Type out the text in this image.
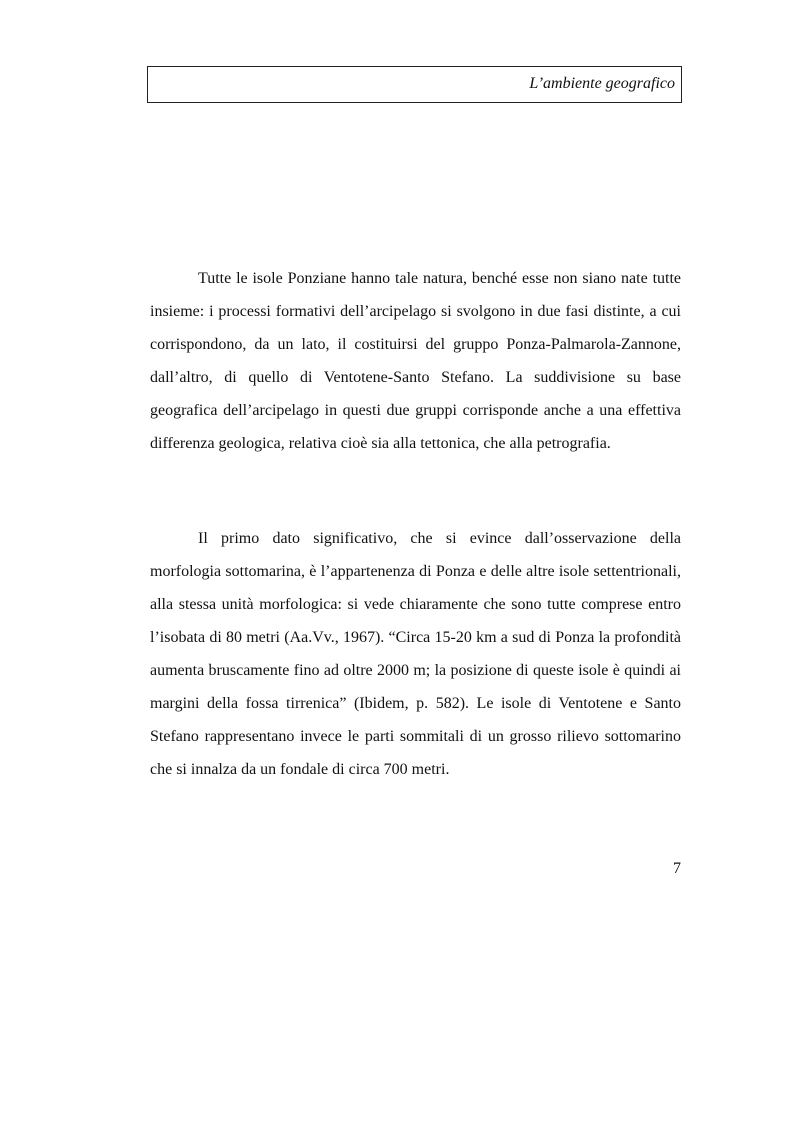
L’ambiente geografico

Tutte le isole Ponziane hanno tale natura, benché esse non siano nate tutte insieme: i processi formativi dell’arcipelago si svolgono in due fasi distinte, a cui corrispondono, da un lato, il costituirsi del gruppo Ponza-Palmarola-Zannone, dall’altro, di quello di Ventotene-Santo Stefano. La suddivisione su base geografica dell’arcipelago in questi due gruppi corrisponde anche a una effettiva differenza geologica, relativa cioè sia alla tettonica, che alla petrografia.

Il primo dato significativo, che si evince dall’osservazione della morfologia sottomarina, è l’appartenenza di Ponza e delle altre isole settentrionali, alla stessa unità morfologica: si vede chiaramente che sono tutte comprese entro l’isobata di 80 metri (Aa.Vv., 1967). “Circa 15-20 km a sud di Ponza la profondità aumenta bruscamente fino ad oltre 2000 m; la posizione di queste isole è quindi ai margini della fossa tirrenica” (Ibidem, p. 582). Le isole di Ventotene e Santo Stefano rappresentano invece le parti sommitali di un grosso rilievo sottomarino che si innalza da un fondale di circa 700 metri.

7
